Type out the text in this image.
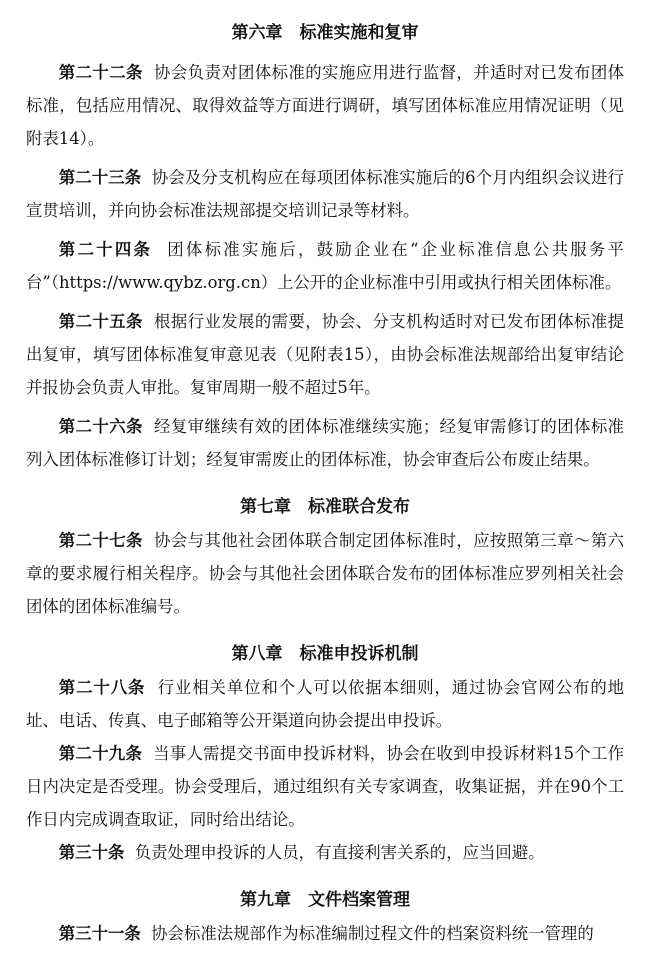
第六章　标准实施和复审

第二十二条 协会负责对团体标准的实施应用进行监督，并适时对已发布团体标准，包括应用情况、取得效益等方面进行调研，填写团体标准应用情况证明（见附表14）。

第二十三条 协会及分支机构应在每项团体标准实施后的6个月内组织会议进行宣贯培训，并向协会标准法规部提交培训记录等材料。

第二十四条 团体标准实施后，鼓励企业在“企业标准信息公共服务平台”（https://www.qybz.org.cn）上公开的企业标准中引用或执行相关团体标准。

第二十五条 根据行业发展的需要，协会、分支机构适时对已发布团体标准提出复审，填写团体标准复审意见表（见附表15），由协会标准法规部给出复审结论并报协会负责人审批。复审周期一般不超过5年。

第二十六条 经复审继续有效的团体标准继续实施；经复审需修订的团体标准列入团体标准修订计划；经复审需废止的团体标准，协会审查后公布废止结果。

第七章　标准联合发布

第二十七条 协会与其他社会团体联合制定团体标准时，应按照第三章～第六章的要求履行相关程序。协会与其他社会团体联合发布的团体标准应罗列相关社会团体的团体标准编号。

第八章　标准申投诉机制

第二十八条 行业相关单位和个人可以依据本细则，通过协会官网公布的地址、电话、传真、电子邮箱等公开渠道向协会提出申投诉。

第二十九条 当事人需提交书面申投诉材料，协会在收到申投诉材料15个工作日内决定是否受理。协会受理后，通过组织有关专家调查，收集证据，并在90个工作日内完成调查取证，同时给出结论。

第三十条 负责处理申投诉的人员，有直接利害关系的，应当回避。

第九章　文件档案管理

第三十一条 协会标准法规部作为标准编制过程文件的档案资料统一管理的
